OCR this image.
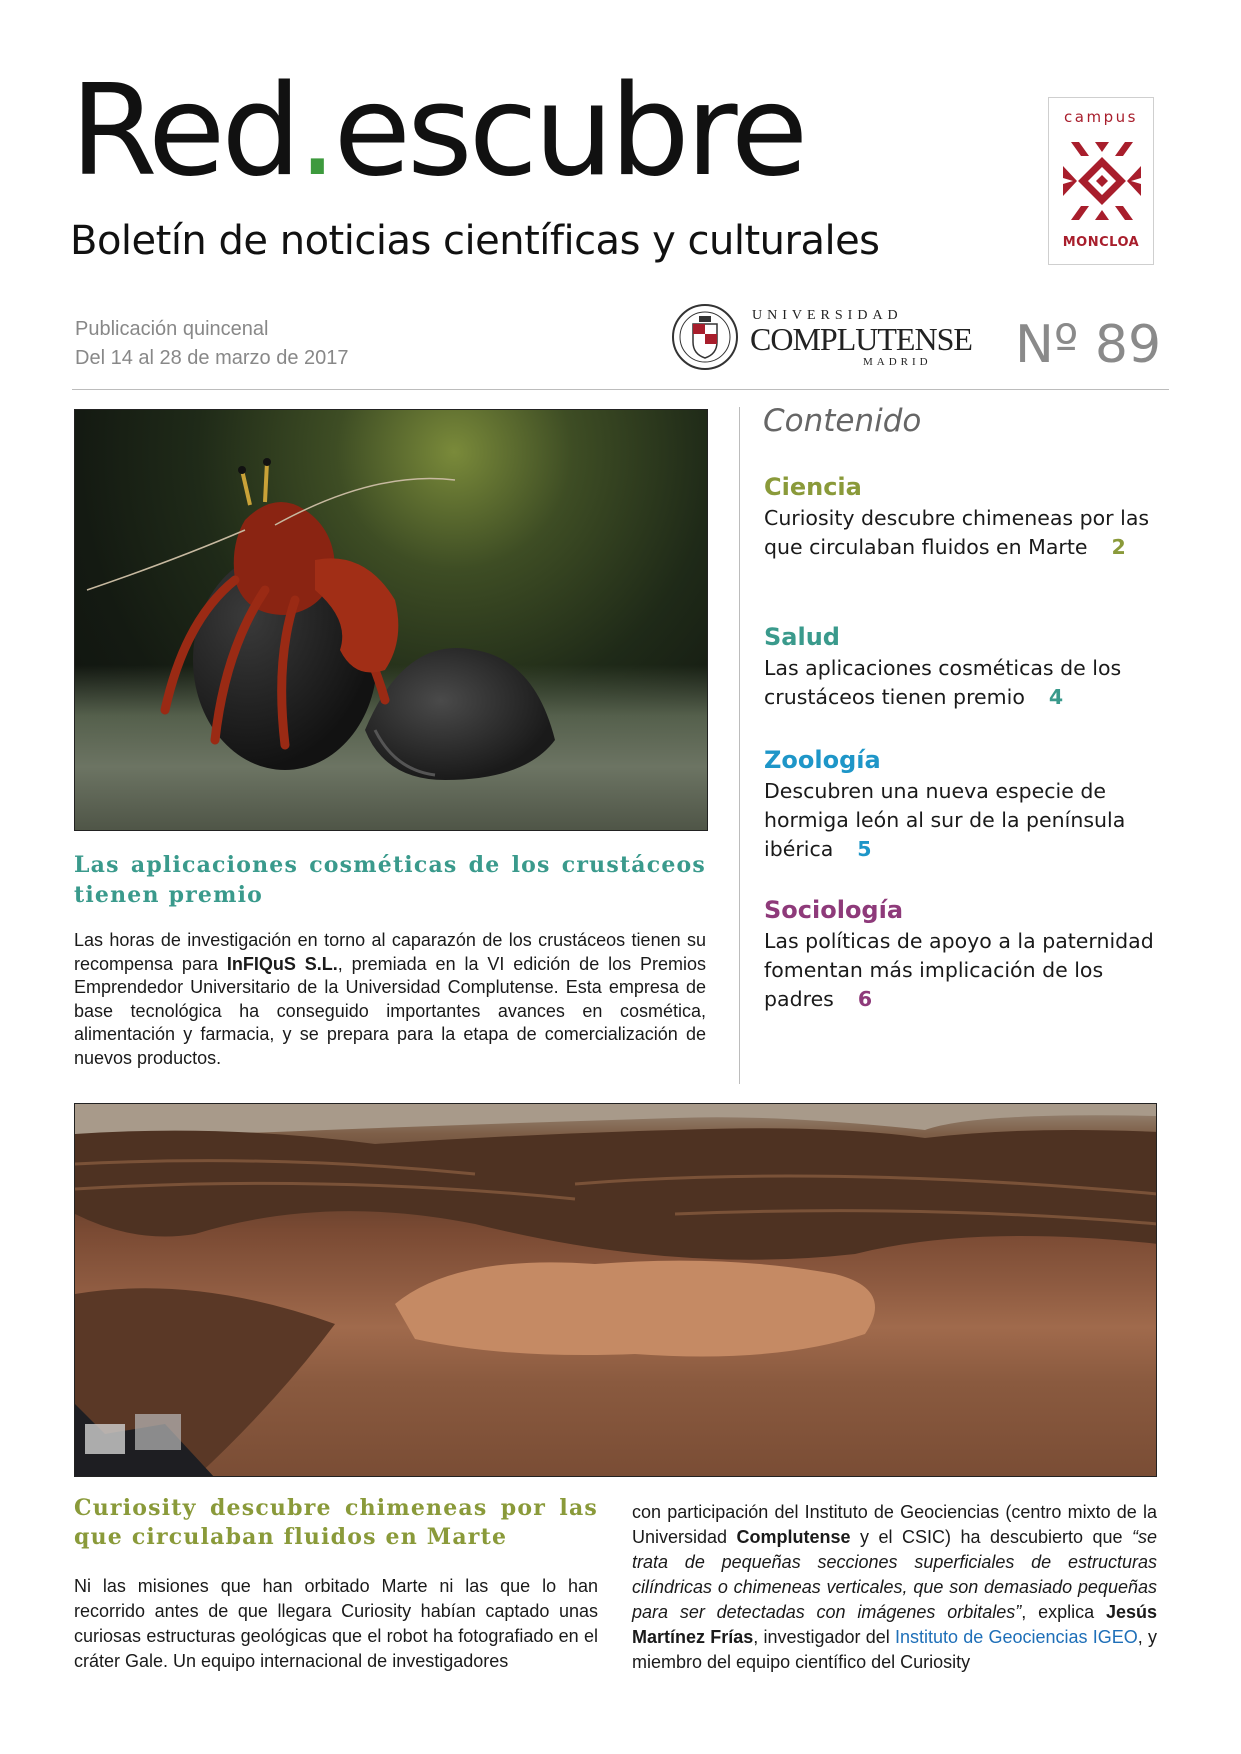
Red.escubre
Boletín de noticias científicas y culturales
campus
MONCLOA
Publicación quincenal
Del 14 al 28 de marzo de 2017
UNIVERSIDAD
COMPLUTENSE
MADRID Nº 89
Las aplicaciones cosméticas de los crustáceos tienen premio

Las horas de investigación en torno al caparazón de los crustáceos tienen su recompensa para InFIQuS S.L., premiada en la VI edición de los Premios Emprendedor Universitario de la Universidad Complutense. Esta empresa de base tecnológica ha conseguido importantes avances en cosmética, alimentación y farmacia, y se prepara para la etapa de comercialización de nuevos productos.

Contenido
Ciencia
Curiosity descubre chimeneas por las que circulaban fluidos en Marte 2
Salud
Las aplicaciones cosméticas de los crustáceos tienen premio 4
Zoología
Descubren una nueva especie de hormiga león al sur de la península ibérica 5
Sociología
Las políticas de apoyo a la paternidad fomentan más implicación de los padres 6
Curiosity descubre chimeneas por las que circulaban fluidos en Marte

Ni las misiones que han orbitado Marte ni las que lo han recorrido antes de que llegara Curiosity habían captado unas curiosas estructuras geológicas que el robot ha fotografiado en el cráter Gale. Un equipo internacional de investigadores

con participación del Instituto de Geociencias (centro mixto de la Universidad Complutense y el CSIC) ha descubierto que “se trata de pequeñas secciones superficiales de estructuras cilíndricas o chimeneas verticales, que son demasiado pequeñas para ser detectadas con imágenes orbitales”, explica Jesús Martínez Frías, investigador del Instituto de Geociencias IGEO, y miembro del equipo científico del Curiosity
